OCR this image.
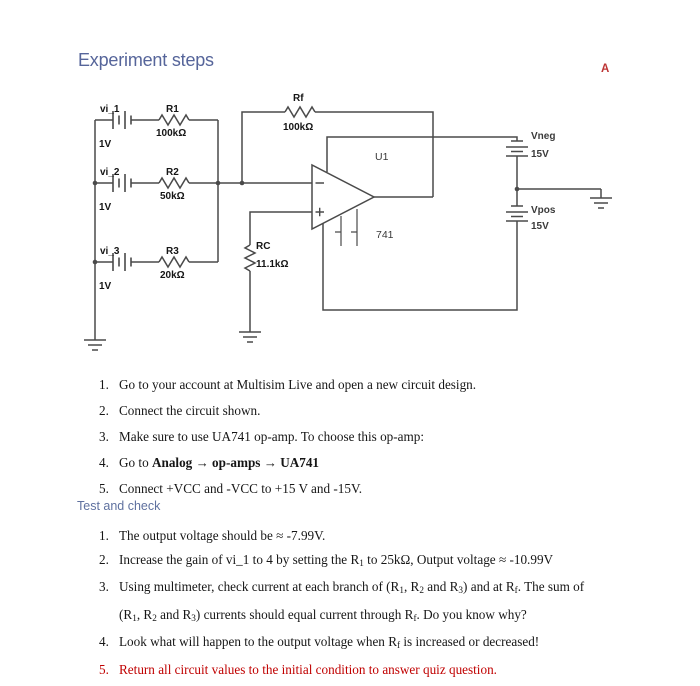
Experiment steps	A
vi_1
1V
vi_2
1V
vi_3
1V
R1
100kΩ
R2
50kΩ
R3
20kΩ
Rf
100kΩ
RC
11.1kΩ
U1
741
Vneg
15V
Vpos
15V
1. Go to your account at Multisim Live and open a new circuit design.
2. Connect the circuit shown.
3. Make sure to use UA741 op-amp. To choose this op-amp:
4. Go to Analog → op-amps → UA741
5. Connect +VCC and -VCC to +15 V and -15V.
Test and check
1. The output voltage should be ≈ -7.99V.
2. Increase the gain of vi_1 to 4 by setting the R1 to 25kΩ, Output voltage ≈ -10.99V
3. Using multimeter, check current at each branch of (R1, R2 and R3) and at Rf. The sum of
(R1, R2 and R3) currents should equal current through Rf. Do you know why?
4. Look what will happen to the output voltage when Rf is increased or decreased!
5. Return all circuit values to the initial condition to answer quiz question.
